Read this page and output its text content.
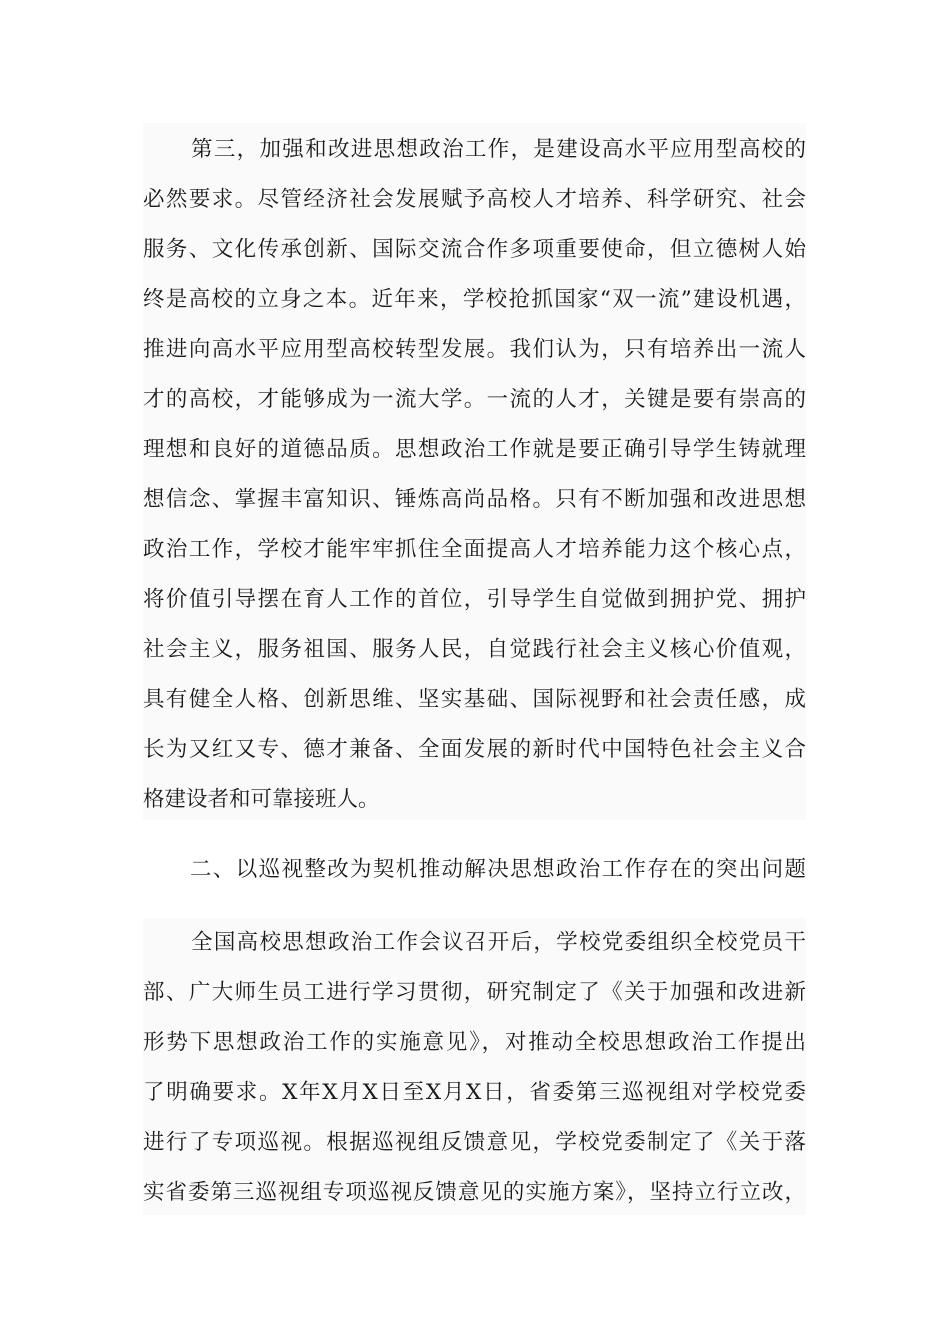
第三，加强和改进思想政治工作，是建设高水平应用型高校的
必然要求。尽管经济社会发展赋予高校人才培养、科学研究、社会
服务、文化传承创新、国际交流合作多项重要使命，但立德树人始
终是高校的立身之本。近年来，学校抢抓国家“双一流”建设机遇，
推进向高水平应用型高校转型发展。我们认为，只有培养出一流人
才的高校，才能够成为一流大学。一流的人才，关键是要有崇高的
理想和良好的道德品质。思想政治工作就是要正确引导学生铸就理
想信念、掌握丰富知识、锤炼高尚品格。只有不断加强和改进思想
政治工作，学校才能牢牢抓住全面提高人才培养能力这个核心点，
将价值引导摆在育人工作的首位，引导学生自觉做到拥护党、拥护
社会主义，服务祖国、服务人民，自觉践行社会主义核心价值观，
具有健全人格、创新思维、坚实基础、国际视野和社会责任感，成
长为又红又专、德才兼备、全面发展的新时代中国特色社会主义合
格建设者和可靠接班人。
二、以巡视整改为契机推动解决思想政治工作存在的突出问题
全国高校思想政治工作会议召开后，学校党委组织全校党员干
部、广大师生员工进行学习贯彻，研究制定了《关于加强和改进新
形势下思想政治工作的实施意见》，对推动全校思想政治工作提出
了明确要求。X年X月X日至X月X日，省委第三巡视组对学校党委
进行了专项巡视。根据巡视组反馈意见，学校党委制定了《关于落
实省委第三巡视组专项巡视反馈意见的实施方案》，坚持立行立改，
